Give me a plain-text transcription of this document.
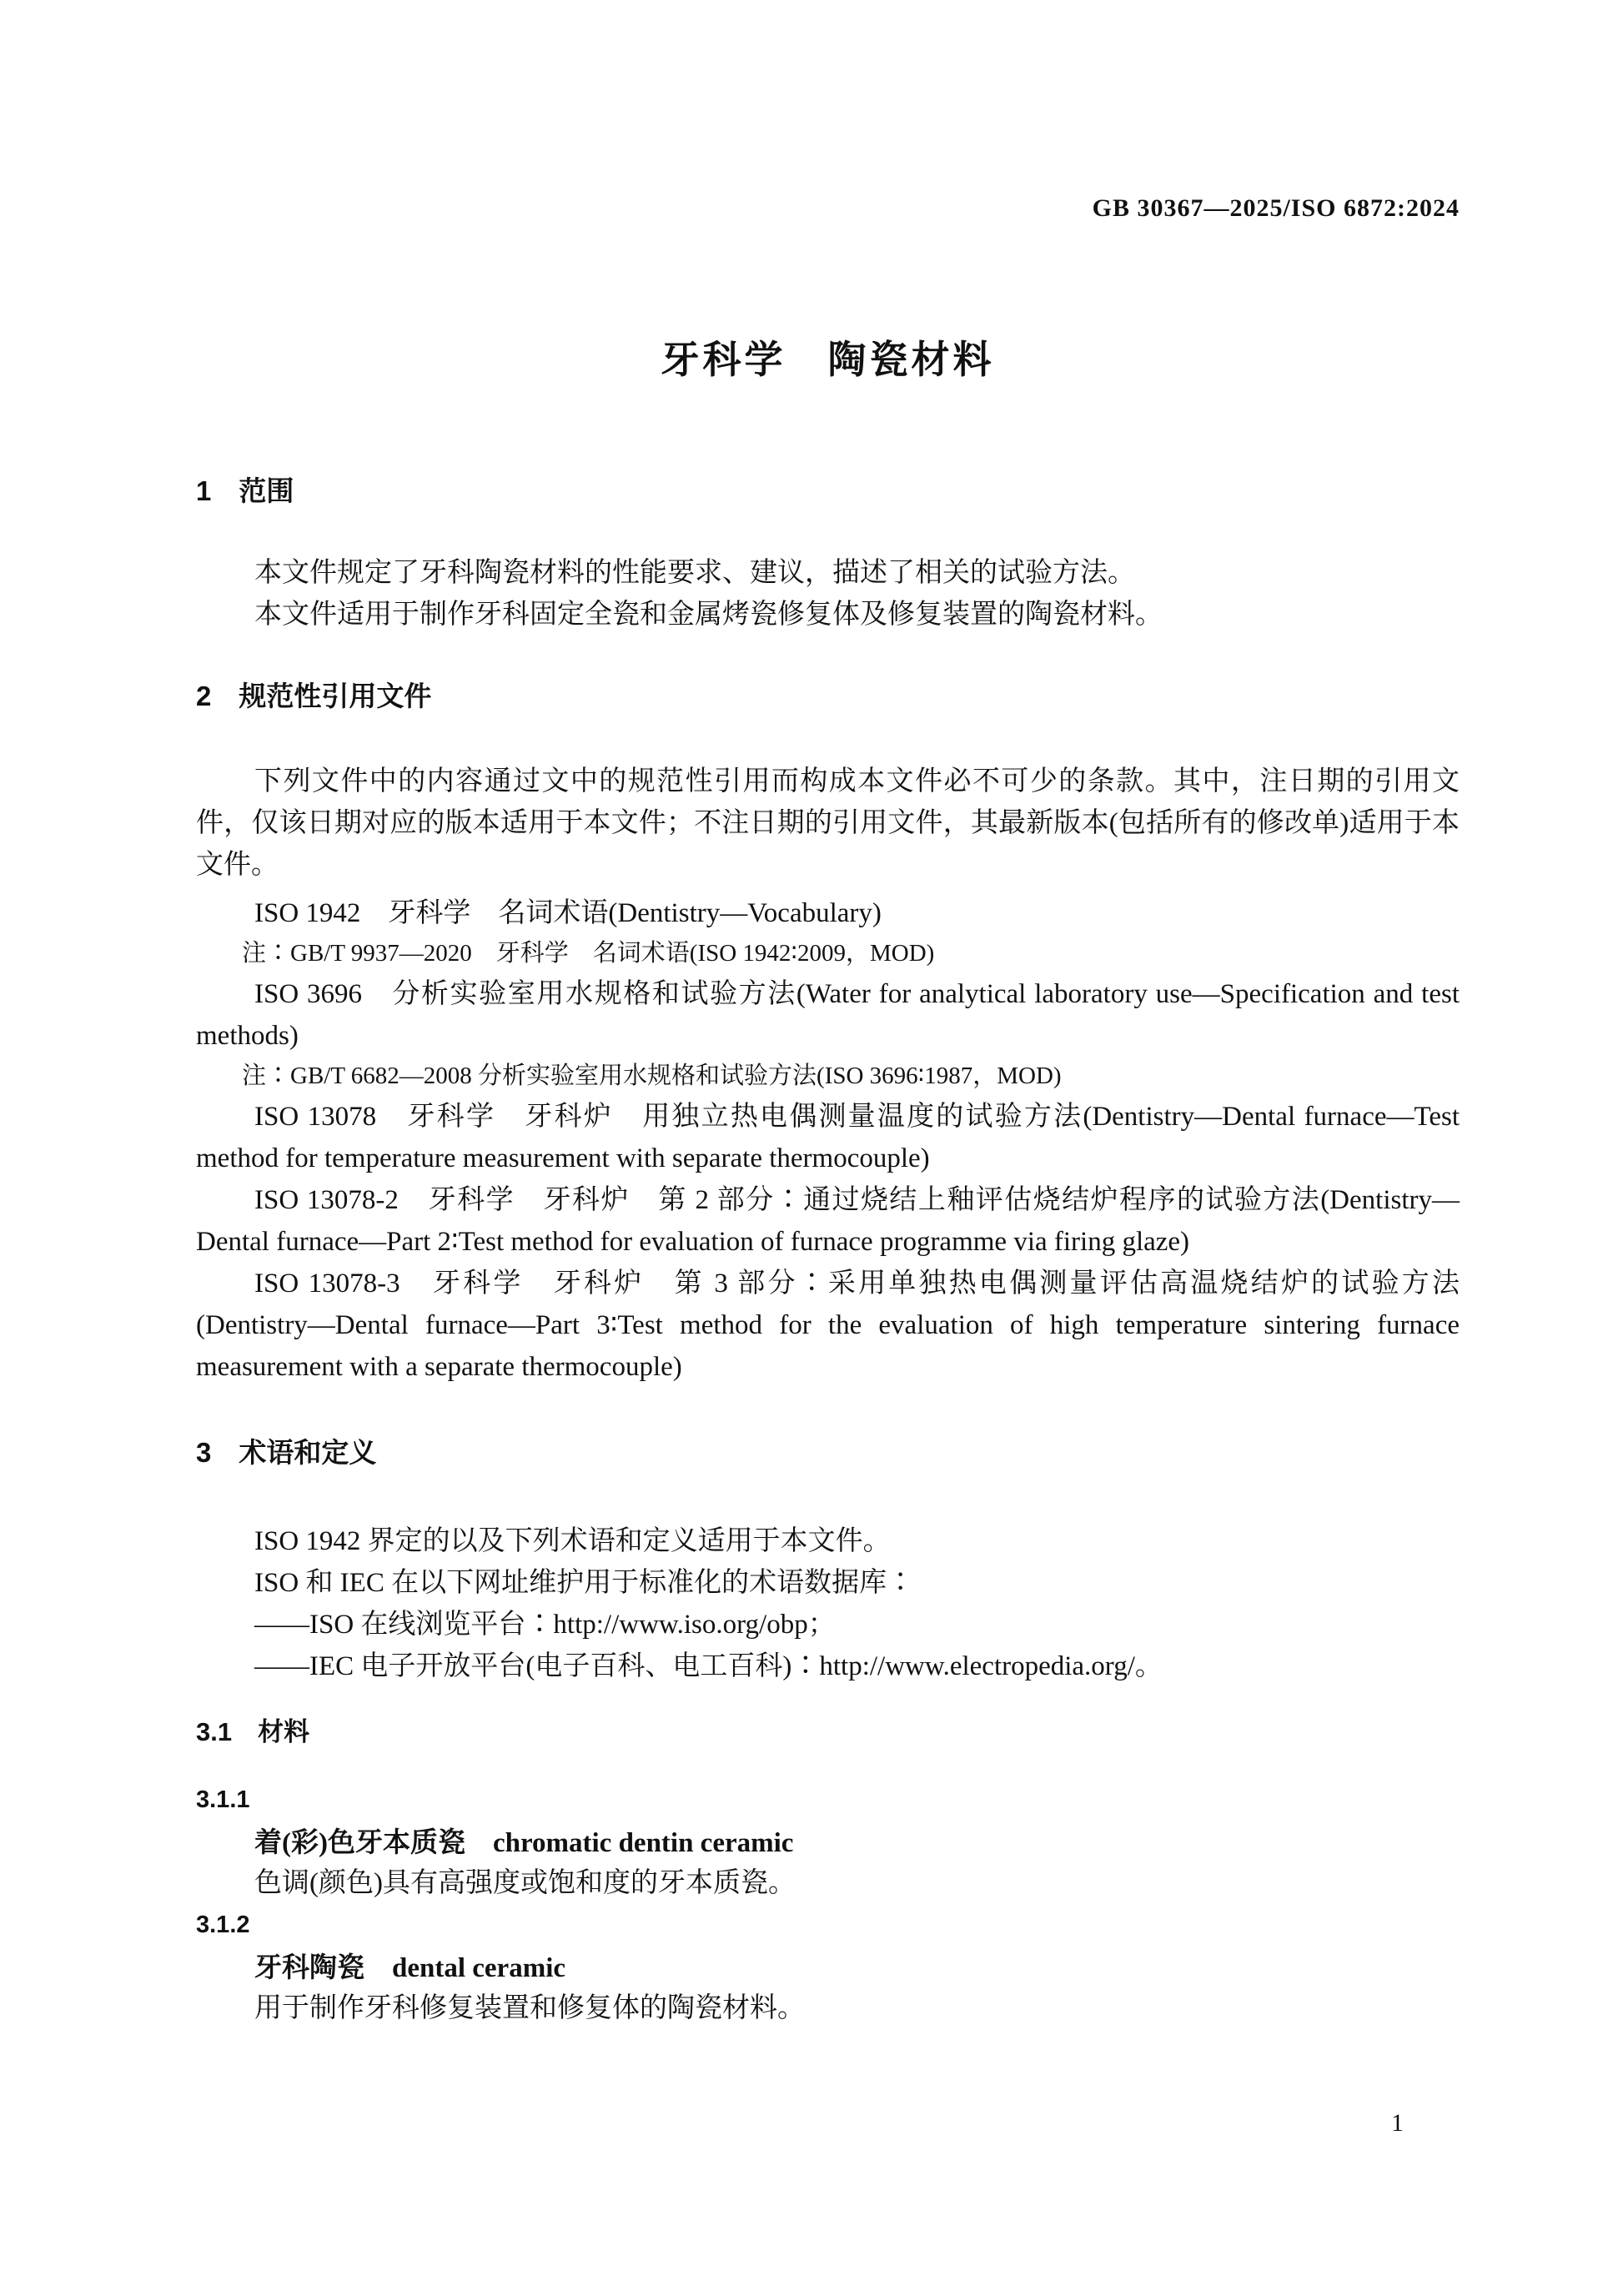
GB 30367—2025/ISO 6872:2024
牙科学　陶瓷材料
1　范围

本文件规定了牙科陶瓷材料的性能要求、建议，描述了相关的试验方法。

本文件适用于制作牙科固定全瓷和金属烤瓷修复体及修复装置的陶瓷材料。

2　规范性引用文件

下列文件中的内容通过文中的规范性引用而构成本文件必不可少的条款。其中，注日期的引用文件，仅该日期对应的版本适用于本文件；不注日期的引用文件，其最新版本(包括所有的修改单)适用于本文件。

ISO 1942　牙科学　名词术语(Dentistry—Vocabulary)

注∶GB/T 9937—2020　牙科学　名词术语(ISO 1942∶2009，MOD)

ISO 3696　分析实验室用水规格和试验方法(Water for analytical laboratory use—Specification and test methods)

注∶GB/T 6682—2008 分析实验室用水规格和试验方法(ISO 3696∶1987，MOD)

ISO 13078　牙科学　牙科炉　用独立热电偶测量温度的试验方法(Dentistry—Dental furnace—Test method for temperature measurement with separate thermocouple)

ISO 13078-2　牙科学　牙科炉　第 2 部分∶通过烧结上釉评估烧结炉程序的试验方法(Dentistry—Dental furnace—Part 2∶Test method for evaluation of furnace programme via firing glaze)

ISO 13078-3　牙科学　牙科炉　第 3 部分∶采用单独热电偶测量评估高温烧结炉的试验方法(Dentistry—Dental furnace—Part 3∶Test method for the evaluation of high temperature sintering furnace measurement with a separate thermocouple)

3　术语和定义

ISO 1942 界定的以及下列术语和定义适用于本文件。

ISO 和 IEC 在以下网址维护用于标准化的术语数据库∶

——ISO 在线浏览平台∶http://www.iso.org/obp；

——IEC 电子开放平台(电子百科、电工百科)∶http://www.electropedia.org/。

3.1　材料

3.1.1

着(彩)色牙本质瓷　chromatic dentin ceramic

色调(颜色)具有高强度或饱和度的牙本质瓷。

3.1.2

牙科陶瓷　dental ceramic

用于制作牙科修复装置和修复体的陶瓷材料。

1
